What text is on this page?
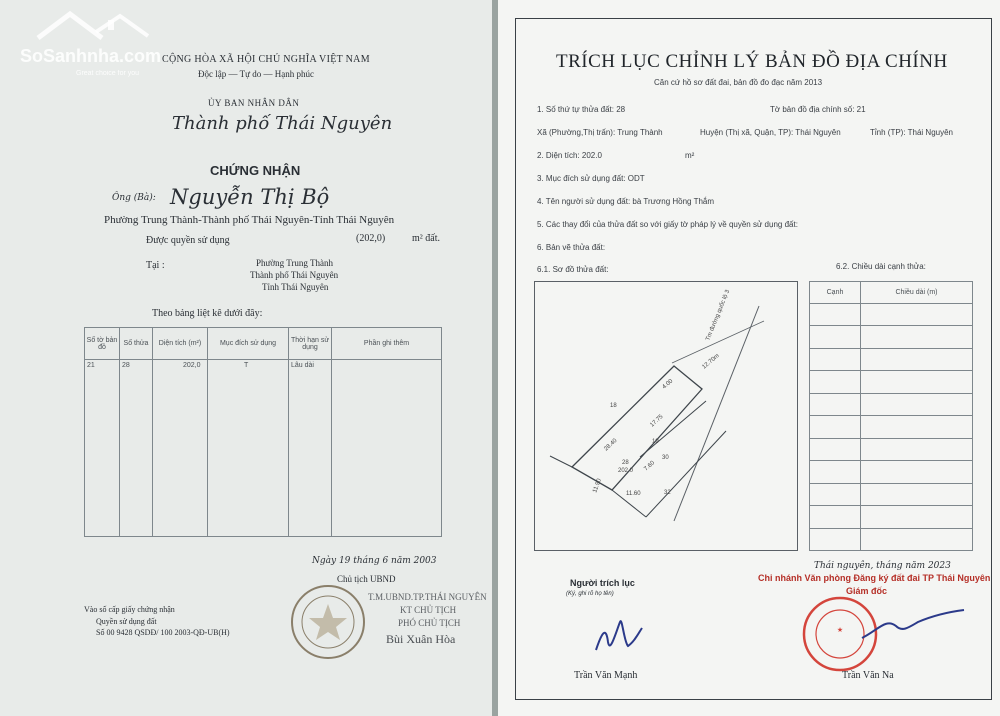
SoSanhnha.com
Great choice for you
CỘNG HÒA XÃ HỘI CHỦ NGHĨA VIỆT NAM
Độc lập — Tự do — Hạnh phúc
ỦY BAN NHÂN DÂN
Thành phố Thái Nguyên
CHỨNG NHẬN
Ông (Bà): Nguyễn Thị Bộ
Phường Trung Thành-Thành phố Thái Nguyên-Tỉnh Thái Nguyên
Được quyền sử dụng	(202,0)	m² đất.
Tại :	Phường Trung Thành
Thành phố Thái Nguyên
Tỉnh Thái Nguyên
Theo bảng liệt kê dưới đây:
Số tờ bản đồ	Số thửa	Diện tích (m²)	Mục đích sử dụng	Thời hạn sử dụng	Phần ghi thêm
21	28	202,0	T	Lâu dài	
Ngày 19 tháng 6 năm 2003
Chủ tịch UBND
T.M.UBND.TP.THÁI NGUYÊN
KT CHỦ TỊCH
PHÓ CHỦ TỊCH
Bùi Xuân Hòa
Vào số cấp giấy chứng nhận
Quyền sử dụng đất
Số 00 9428 QSDĐ/ 100 2003-QĐ-UB(H)
TRÍCH LỤC CHỈNH LÝ BẢN ĐỒ ĐỊA CHÍNH
Căn cứ hồ sơ đất đai, bản đồ đo đạc năm 2013
1. Số thứ tự thửa đất: 28	Tờ bản đồ địa chính số: 21
Xã (Phường,Thị trấn): Trung Thành	Huyện (Thị xã, Quận, TP): Thái Nguyên	Tỉnh (TP): Thái Nguyên
2. Diện tích: 202.0	m²
3. Mục đích sử dụng đất: ODT
4. Tên người sử dụng đất: bà Trương Hồng Thắm
5. Các thay đổi của thửa đất so với giấy tờ pháp lý về quyền sử dụng đất:
6. Bản vẽ thửa đất:
6.1. Sơ đồ thửa đất:	6.2. Chiều dài cạnh thửa:
Tm đường quốc lộ 3
12.70m
4.00
18
19
28.40
17.75
28
202.0
30
32
11.90
11.60
7.60
Cạnh	Chiều dài (m)

Thái nguyên, tháng năm 2023
Người trích lục
(Ký, ghi rõ họ tên)
Chi nhánh Văn phòng Đăng ký đất đai TP Thái Nguyên
Giám đốc
★
Trần Văn Mạnh	Trần Văn Na
